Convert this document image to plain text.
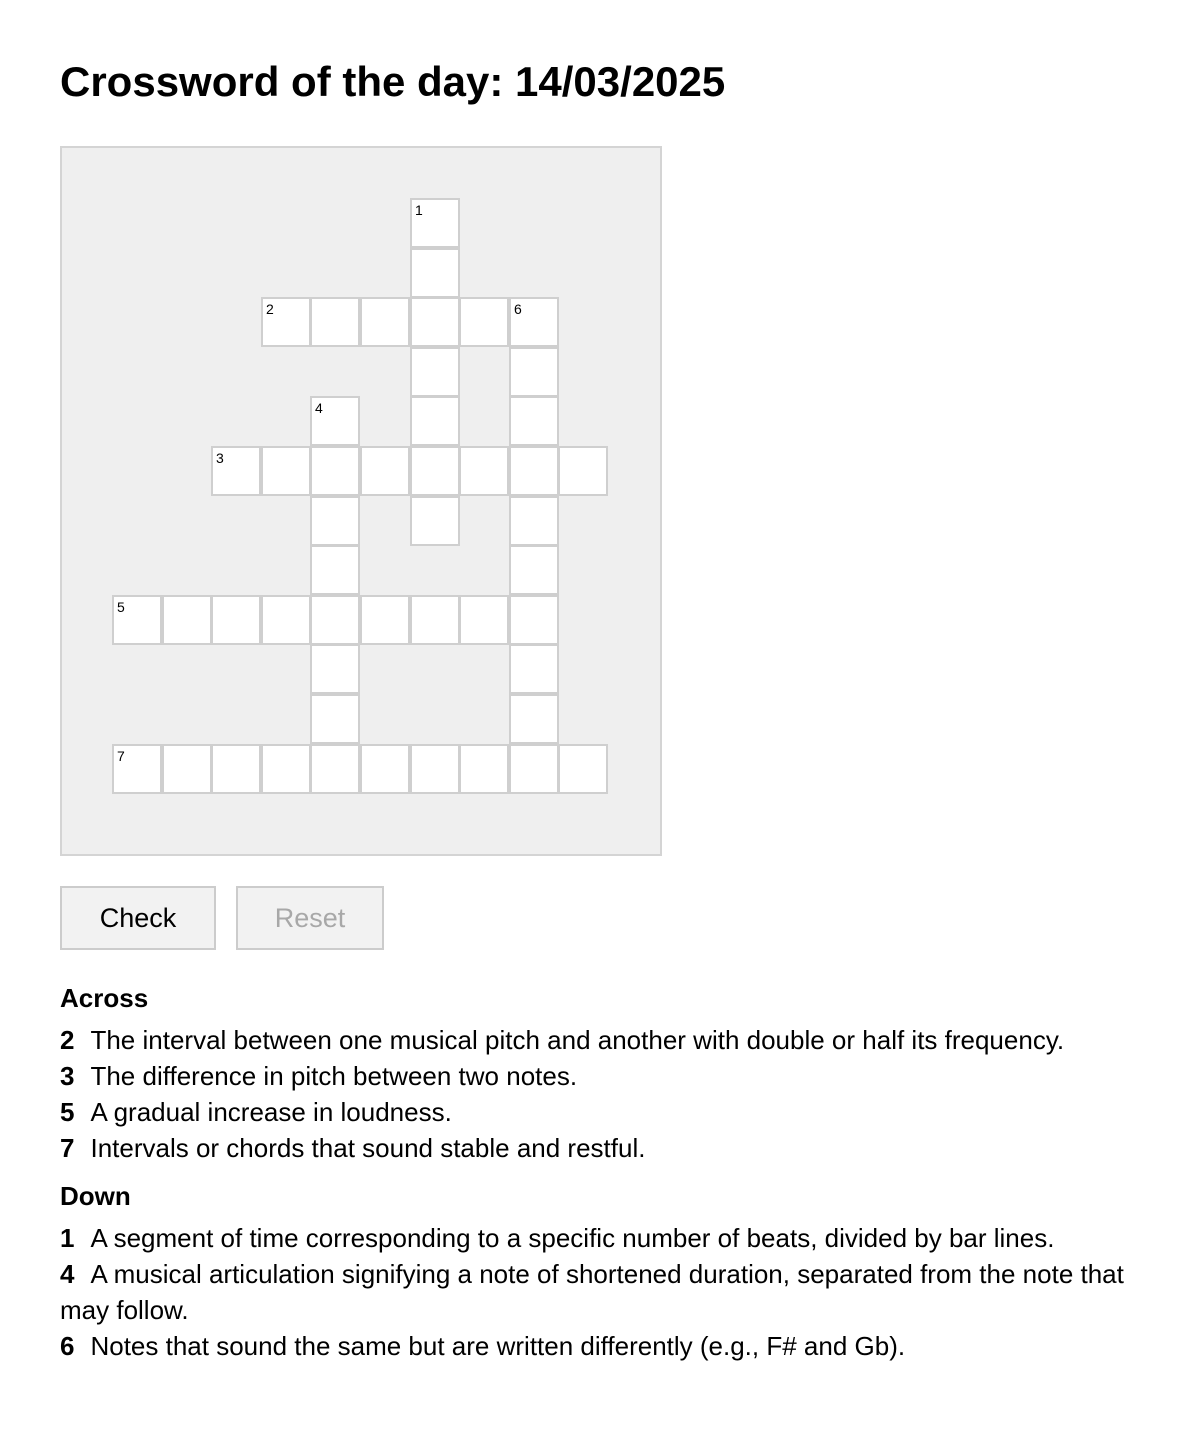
Crossword of the day: 14/03/2025
1
2	6
4
3
5
7
Check	Reset
Across
2 The interval between one musical pitch and another with double or half its frequency.
3 The difference in pitch between two notes.
5 A gradual increase in loudness.
7 Intervals or chords that sound stable and restful.
Down
1 A segment of time corresponding to a specific number of beats, divided by bar lines.
4 A musical articulation signifying a note of shortened duration, separated from the note that may follow.
6 Notes that sound the same but are written differently (e.g., F# and Gb).
